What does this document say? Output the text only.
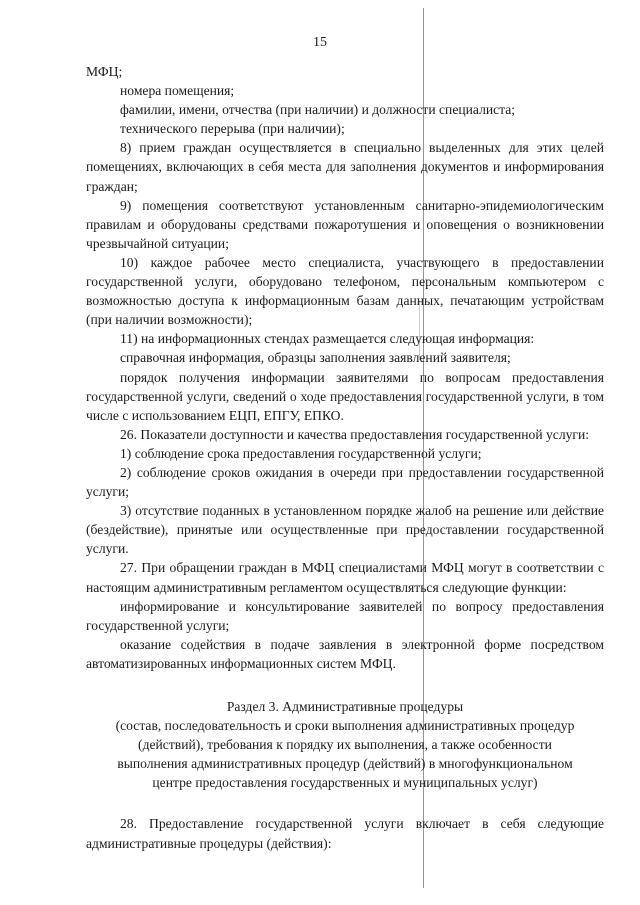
15

МФЦ;

номера помещения;

фамилии, имени, отчества (при наличии) и должности специалиста;

технического перерыва (при наличии);

8) прием граждан осуществляется в специально выделенных для этих целей помещениях, включающих в себя места для заполнения документов и информирования граждан;

9) помещения соответствуют установленным санитарно-эпидемиологическим правилам и оборудованы средствами пожаротушения и оповещения о возникновении чрезвычайной ситуации;

10) каждое рабочее место специалиста, участвующего в предоставлении государственной услуги, оборудовано телефоном, персональным компьютером с возможностью доступа к информационным базам данных, печатающим устройствам (при наличии возможности);

11) на информационных стендах размещается следующая информация:

справочная информация, образцы заполнения заявлений заявителя;

порядок получения информации заявителями по вопросам предоставления государственной услуги, сведений о ходе предоставления государственной услуги, в том числе с использованием ЕЦП, ЕПГУ, ЕПКО.

26. Показатели доступности и качества предоставления государственной услуги:

1) соблюдение срока предоставления государственной услуги;

2) соблюдение сроков ожидания в очереди при предоставлении государственной услуги;

3) отсутствие поданных в установленном порядке жалоб на решение или действие (бездействие), принятые или осуществленные при предоставлении государственной услуги.

27. При обращении граждан в МФЦ специалистами МФЦ могут в соответствии с настоящим административным регламентом осуществляться следующие функции:

информирование и консультирование заявителей по вопросу предоставления государственной услуги;

оказание содействия в подаче заявления в электронной форме посредством автоматизированных информационных систем МФЦ.

Раздел 3. Административные процедуры

(состав, последовательность и сроки выполнения административных процедур

(действий), требования к порядку их выполнения, а также особенности

выполнения административных процедур (действий) в многофункциональном

центре предоставления государственных и муниципальных услуг)

28. Предоставление государственной услуги включает в себя следующие административные процедуры (действия):
